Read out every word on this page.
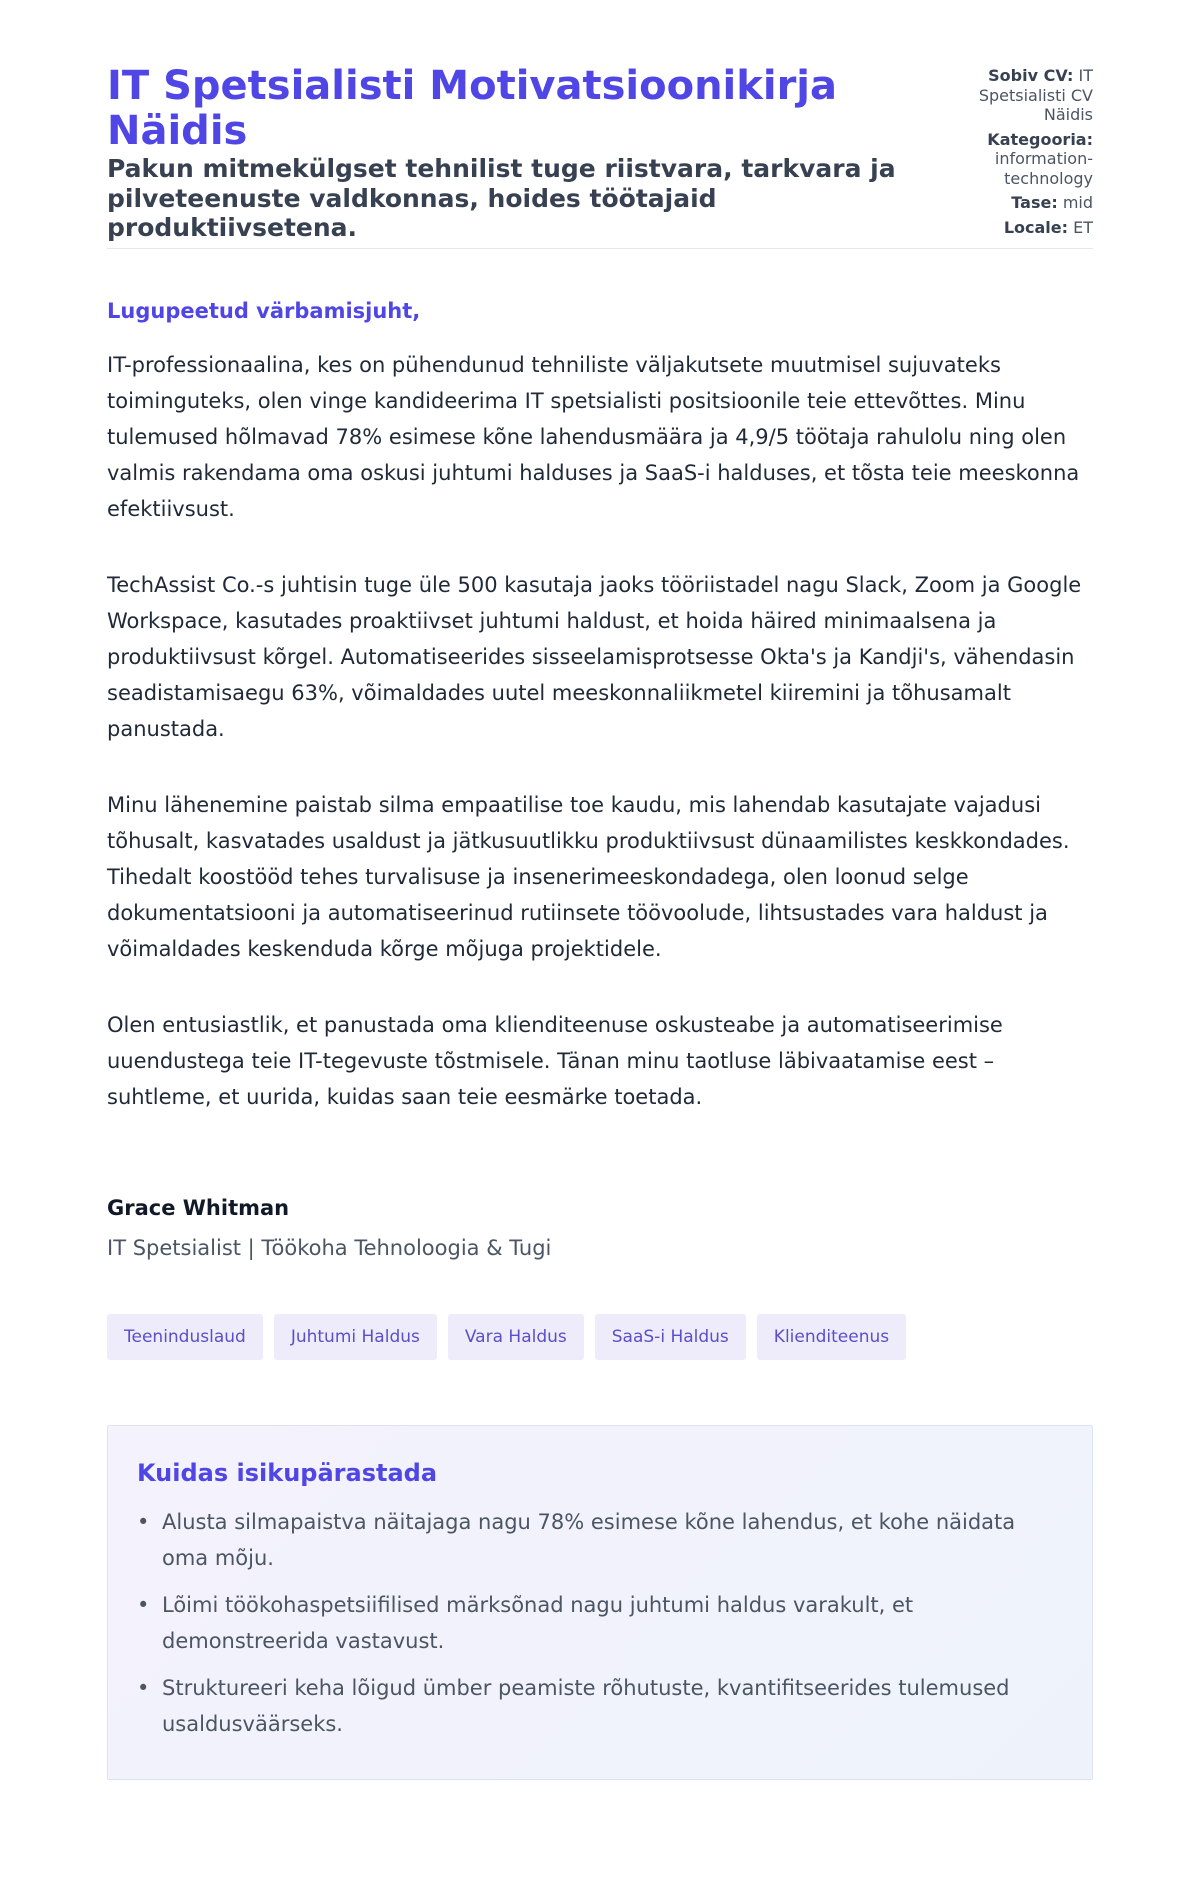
IT Spetsialisti Motivatsioonikirja Näidis
Pakun mitmekülgset tehnilist tuge riistvara, tarkvara ja pilveteenuste valdkonnas, hoides töötajaid produktiivsetena.
Sobiv CV: IT Spetsialisti CV Näidis
Kategooria: information-technology
Tase: mid
Locale: ET

Lugupeetud värbamisjuht,

IT-professionaalina, kes on pühendunud tehniliste väljakutsete muutmisel sujuvateks toiminguteks, olen vinge kandideerima IT spetsialisti positsioonile teie ettevõttes. Minu tulemused hõlmavad 78% esimese kõne lahendusmäära ja 4,9/5 töötaja rahulolu ning olen valmis rakendama oma oskusi juhtumi halduses ja SaaS-i halduses, et tõsta teie meeskonna efektiivsust.

TechAssist Co.-s juhtisin tuge üle 500 kasutaja jaoks tööriistadel nagu Slack, Zoom ja Google Workspace, kasutades proaktiivset juhtumi haldust, et hoida häired minimaalsena ja produktiivsust kõrgel. Automatiseerides sisseelamisprotsesse Okta's ja Kandji's, vähendasin seadistamisaegu 63%, võimaldades uutel meeskonnaliikmetel kiiremini ja tõhusamalt panustada.

Minu lähenemine paistab silma empaatilise toe kaudu, mis lahendab kasutajate vajadusi tõhusalt, kasvatades usaldust ja jätkusuutlikku produktiivsust dünaamilistes keskkondades. Tihedalt koostööd tehes turvalisuse ja insenerimeeskondadega, olen loonud selge dokumentatsiooni ja automatiseerinud rutiinsete töövoolude, lihtsustades vara haldust ja võimaldades keskenduda kõrge mõjuga projektidele.

Olen entusiastlik, et panustada oma klienditeenuse oskusteabe ja automatiseerimise uuendustega teie IT-tegevuste tõstmisele. Tänan minu taotluse läbivaatamise eest – suhtleme, et uurida, kuidas saan teie eesmärke toetada.

Grace Whitman

IT Spetsialist | Töökoha Tehnoloogia & Tugi

Teeninduslaud	Juhtumi Haldus	Vara Haldus	SaaS-i Haldus	Klienditeenus
Kuidas isikupärastada
• Alusta silmapaistva näitajaga nagu 78% esimese kõne lahendus, et kohe näidata oma mõju.
• Lõimi töökohaspetsiifilised märksõnad nagu juhtumi haldus varakult, et demonstreerida vastavust.
• Struktureeri keha lõigud ümber peamiste rõhutuste, kvantifitseerides tulemused usaldusväärseks.
